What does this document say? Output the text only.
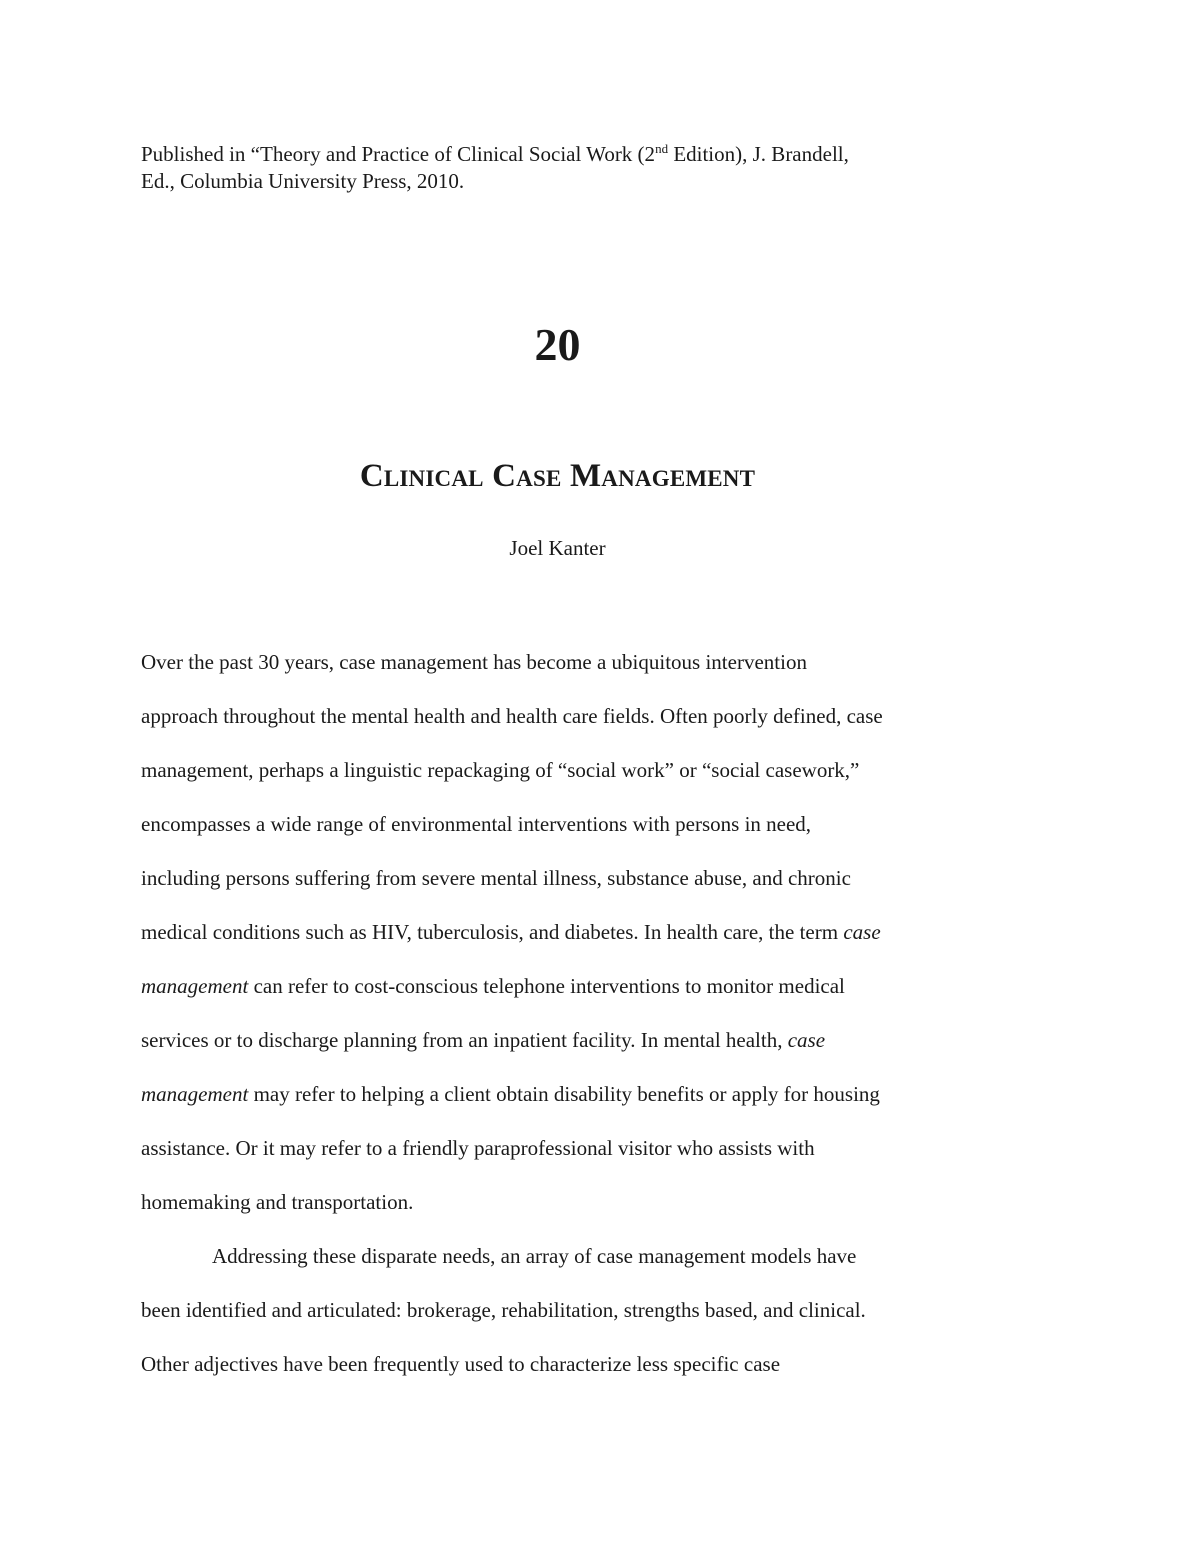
Published in “Theory and Practice of Clinical Social Work (2nd Edition), J. Brandell,
Ed., Columbia University Press, 2010.
20
Clinical Case Management
Joel Kanter
Over the past 30 years, case management has become a ubiquitous intervention
approach throughout the mental health and health care fields. Often poorly defined, case
management, perhaps a linguistic repackaging of “social work” or “social casework,”
encompasses a wide range of environmental interventions with persons in need,
including persons suffering from severe mental illness, substance abuse, and chronic
medical conditions such as HIV, tuberculosis, and diabetes. In health care, the term case
management can refer to cost-conscious telephone interventions to monitor medical
services or to discharge planning from an inpatient facility. In mental health, case
management may refer to helping a client obtain disability benefits or apply for housing
assistance. Or it may refer to a friendly paraprofessional visitor who assists with
homemaking and transportation.
Addressing these disparate needs, an array of case management models have
been identified and articulated: brokerage, rehabilitation, strengths based, and clinical.
Other adjectives have been frequently used to characterize less specific case
